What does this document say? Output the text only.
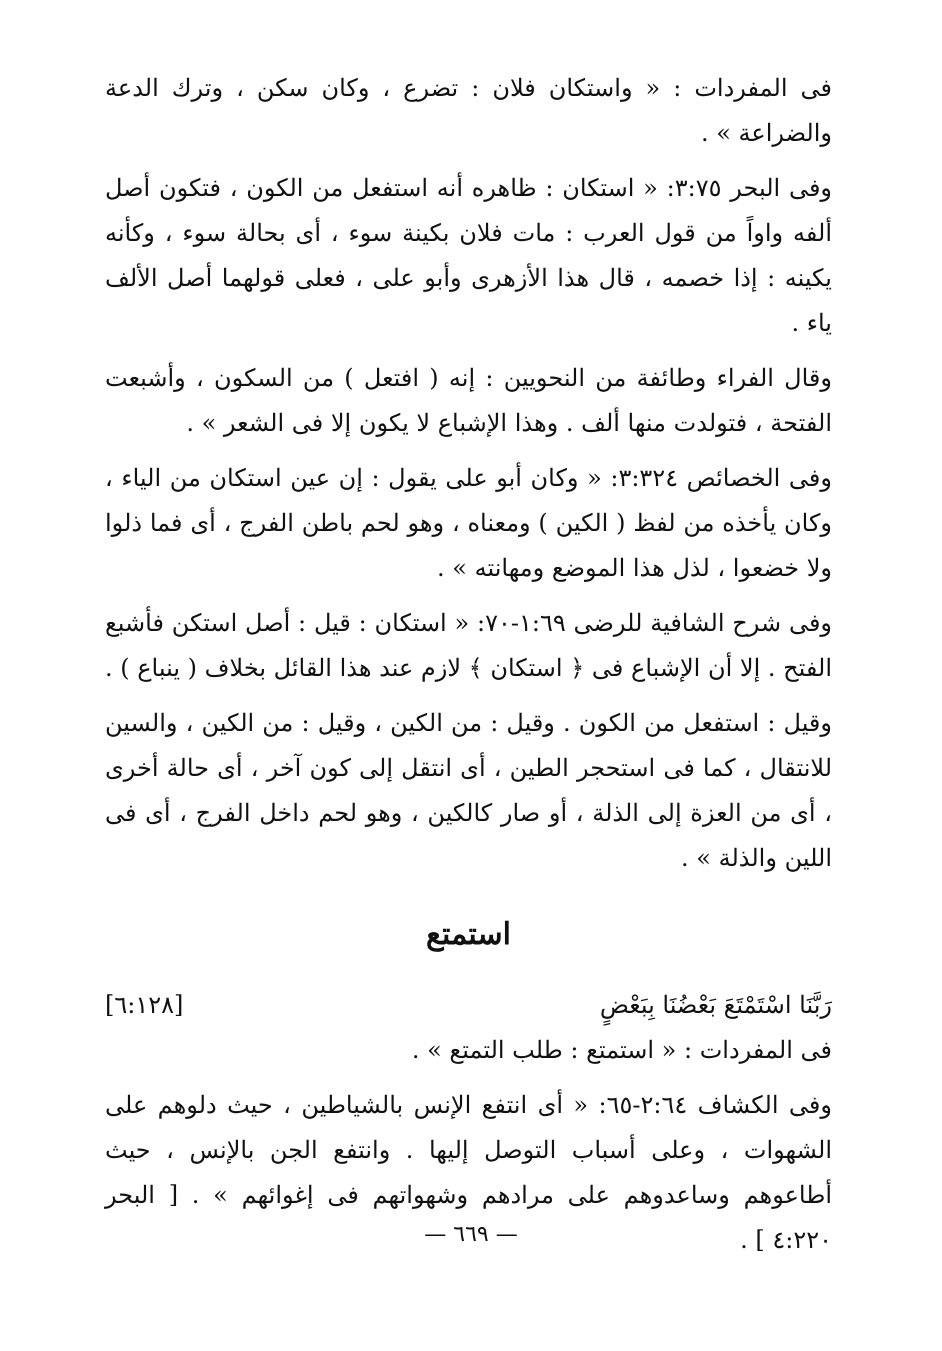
فى المفردات : « واستكان فلان : تضرع ، وكان سكن ، وترك الدعة والضراعة » .

وفى البحر ٣:٧٥: « استكان : ظاهره أنه استفعل من الكون ، فتكون أصل ألفه واواً من قول العرب : مات فلان بكينة سوء ، أى بحالة سوء ، وكأنه يكينه : إذا خصمه ، قال هذا الأزهرى وأبو على ، فعلى قولهما أصل الألف ياء .

وقال الفراء وطائفة من النحويين : إنه ( افتعل ) من السكون ، وأشبعت الفتحة ، فتولدت منها ألف . وهذا الإشباع لا يكون إلا فى الشعر » .

وفى الخصائص ٣:٣٢٤: « وكان أبو على يقول : إن عين استكان من الياء ، وكان يأخذه من لفظ ( الكين ) ومعناه ، وهو لحم باطن الفرج ، أى فما ذلوا ولا خضعوا ، لذل هذا الموضع ومهانته » .

وفى شرح الشافية للرضى ١:٦٩-٧٠: « استكان : قيل : أصل استكن فأشبع الفتح . إلا أن الإشباع فى ﴿ استكان ﴾ لازم عند هذا القائل بخلاف ( ينباع ) .

وقيل : استفعل من الكون . وقيل : من الكين ، وقيل : من الكين ، والسين للانتقال ، كما فى استحجر الطين ، أى انتقل إلى كون آخر ، أى حالة أخرى ، أى من العزة إلى الذلة ، أو صار كالكين ، وهو لحم داخل الفرج ، أى فى اللين والذلة » .

استمتع
رَبَّنَا اسْتَمْتَعَ بَعْضُنَا بِبَعْضٍ
[٦:١٢٨]

فى المفردات : « استمتع : طلب التمتع » .

وفى الكشاف ٢:٦٤-٦٥: « أى انتفع الإنس بالشياطين ، حيث دلوهم على الشهوات ، وعلى أسباب التوصل إليها . وانتفع الجن بالإنس ، حيث أطاعوهم وساعدوهم على مرادهم وشهواتهم فى إغوائهم » . [ البحر ٤:٢٢٠ ] .

— ٦٦٩ —
